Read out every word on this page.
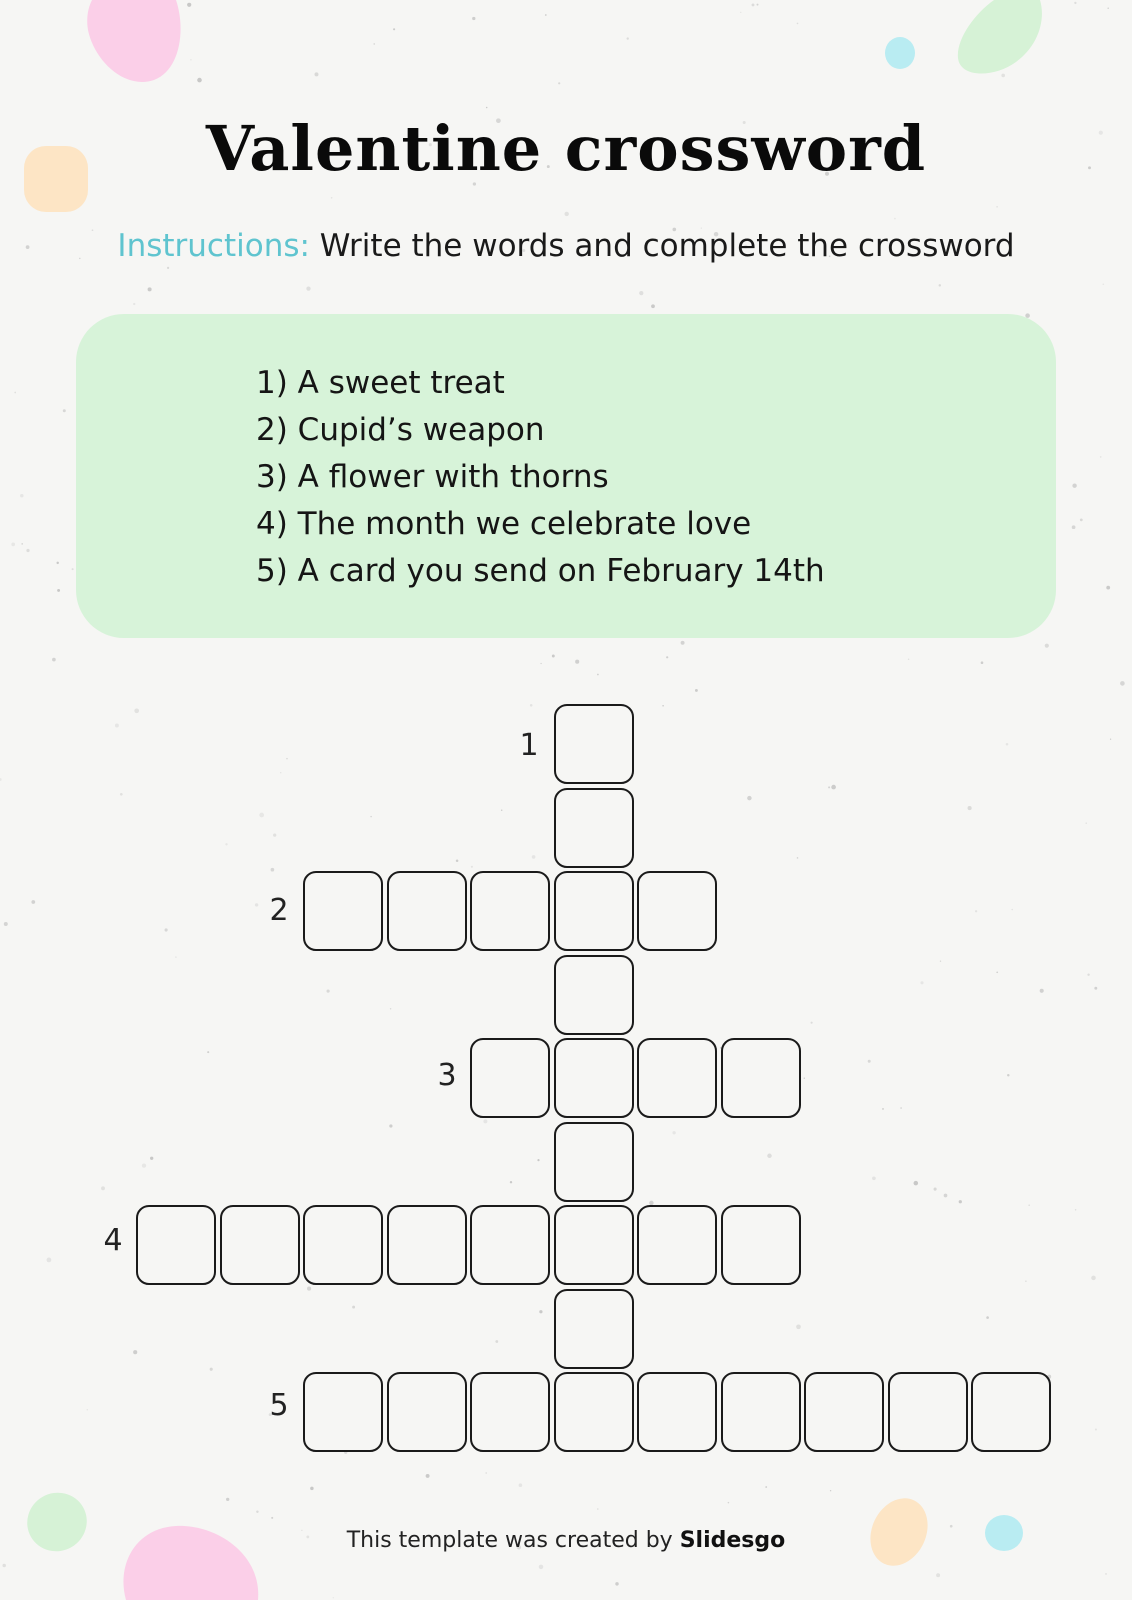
Valentine crossword
Instructions: Write the words and complete the crossword
1) A sweet treat
2) Cupid’s weapon
3) A flower with thorns
4) The month we celebrate love
5) A card you send on February 14th
1
2
3
4
5
This template was created by Slidesgo
